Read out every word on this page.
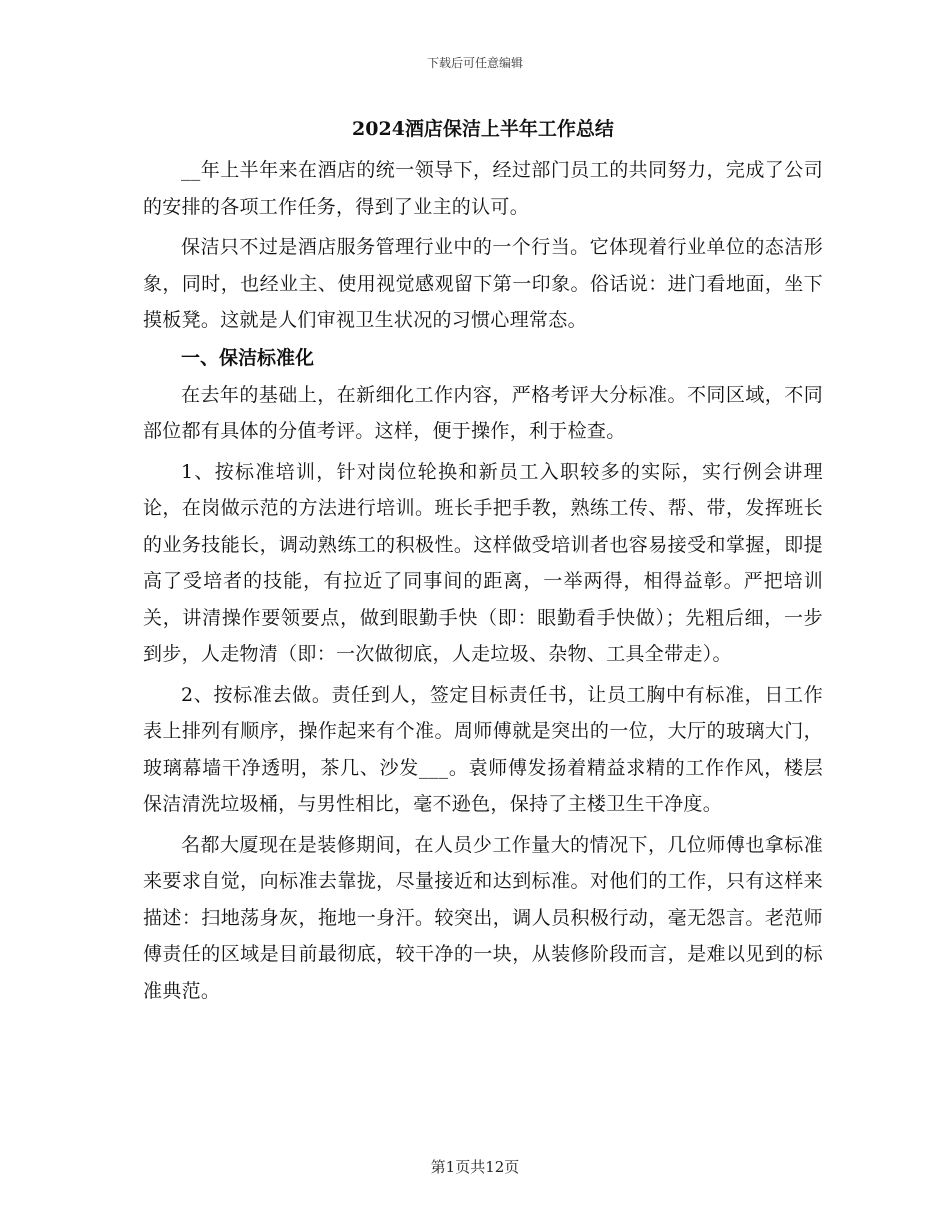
下载后可任意编辑
2024酒店保洁上半年工作总结

__年上半年来在酒店的统一领导下，经过部门员工的共同努力，完成了公司的安排的各项工作任务，得到了业主的认可。

保洁只不过是酒店服务管理行业中的一个行当。它体现着行业单位的态洁形象，同时，也经业主、使用视觉感观留下第一印象。俗话说：进门看地面，坐下摸板凳。这就是人们审视卫生状况的习惯心理常态。

一、保洁标准化

在去年的基础上，在新细化工作内容，严格考评大分标准。不同区域，不同部位都有具体的分值考评。这样，便于操作，利于检查。

1、按标准培训，针对岗位轮换和新员工入职较多的实际，实行例会讲理论，在岗做示范的方法进行培训。班长手把手教，熟练工传、帮、带，发挥班长的业务技能长，调动熟练工的积极性。这样做受培训者也容易接受和掌握，即提高了受培者的技能，有拉近了同事间的距离，一举两得，相得益彰。严把培训关，讲清操作要领要点，做到眼勤手快（即：眼勤看手快做）；先粗后细，一步到步，人走物清（即：一次做彻底，人走垃圾、杂物、工具全带走）。

2、按标准去做。责任到人，签定目标责任书，让员工胸中有标准，日工作表上排列有顺序，操作起来有个准。周师傅就是突出的一位，大厅的玻璃大门，玻璃幕墙干净透明，茶几、沙发___。袁师傅发扬着精益求精的工作作风，楼层保洁清洗垃圾桶，与男性相比，毫不逊色，保持了主楼卫生干净度。

名都大厦现在是装修期间，在人员少工作量大的情况下，几位师傅也拿标准来要求自觉，向标准去靠拢，尽量接近和达到标准。对他们的工作，只有这样来描述：扫地荡身灰，拖地一身汗。较突出，调人员积极行动，毫无怨言。老范师傅责任的区域是目前最彻底，较干净的一块，从装修阶段而言，是难以见到的标准典范。

第1页共12页
